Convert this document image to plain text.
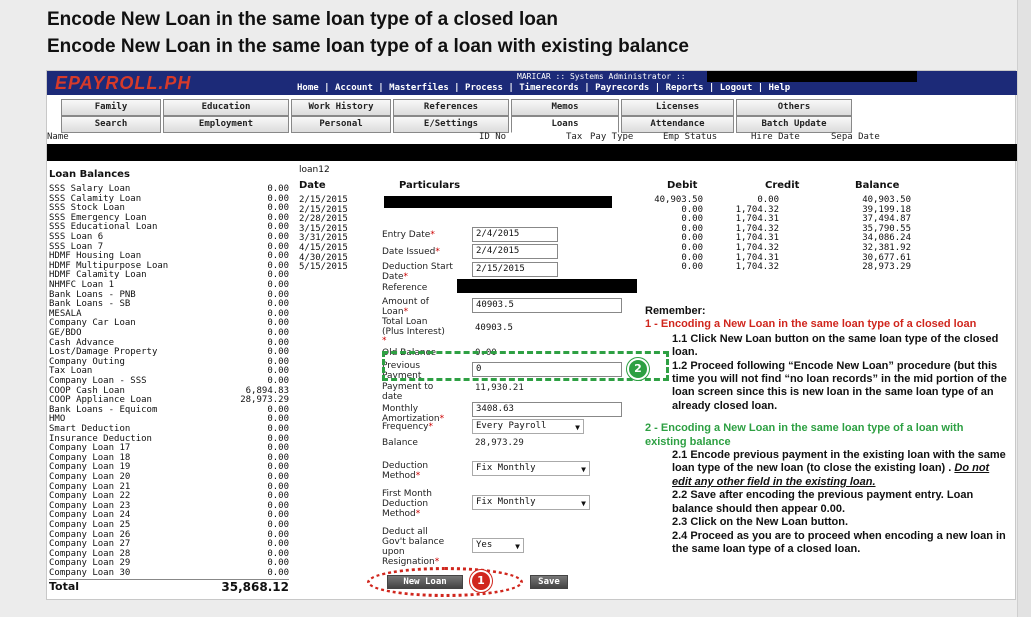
Encode New Loan in the same loan type of a closed loan
Encode New Loan in the same loan type of a loan with existing balance
EPAYROLL.PH	MARICAR :: Systems Administrator ::
Home | Account | Masterfiles | Process | Timerecords | Payrecords | Reports | Logout | Help
Family	Education	Work History	References	Memos	Licenses	Others
Search	Employment	Personal	E/Settings	Loans	Attendance	Batch Update
Name	ID No	Tax Pay Type	Emp Status	Hire Date	Sepa Date
Loan Balances
SSS Salary Loan	0.00
SSS Calamity Loan	0.00
SSS Stock Loan	0.00
SSS Emergency Loan	0.00
SSS Educational Loan	0.00
SSS Loan 6	0.00
SSS Loan 7	0.00
HDMF Housing Loan	0.00
HDMF Multipurpose Loan	0.00
HDMF Calamity Loan	0.00
NHMFC Loan 1	0.00
Bank Loans - PNB	0.00
Bank Loans - SB	0.00
MESALA	0.00
Company Car Loan	0.00
GE/BDO	0.00
Cash Advance	0.00
Lost/Damage Property	0.00
Company Outing	0.00
Tax Loan	0.00
Company Loan - SSS	0.00
COOP Cash Loan	6,894.83
COOP Appliance Loan	28,973.29
Bank Loans - Equicom	0.00
HMO	0.00
Smart Deduction	0.00
Insurance Deduction	0.00
Company Loan 17	0.00
Company Loan 18	0.00
Company Loan 19	0.00
Company Loan 20	0.00
Company Loan 21	0.00
Company Loan 22	0.00
Company Loan 23	0.00
Company Loan 24	0.00
Company Loan 25	0.00
Company Loan 26	0.00
Company Loan 27	0.00
Company Loan 28	0.00
Company Loan 29	0.00
Company Loan 30	0.00
Total	35,868.12
loan12
Date	Particulars	Debit	Credit	Balance
2/15/2015	40,903.50	0.00	40,903.50
2/15/2015	0.00	1,704.32	39,199.18
2/28/2015	0.00	1,704.31	37,494.87
3/15/2015	0.00	1,704.32	35,790.55
3/31/2015	0.00	1,704.31	34,086.24
4/15/2015	0.00	1,704.32	32,381.92
4/30/2015	0.00	1,704.31	30,677.61
5/15/2015	0.00	1,704.32	28,973.29
Entry Date*	2/4/2015
Date Issued*	2/4/2015
Deduction Start
Date*
2/15/2015
Reference
Amount of
Loan*
40903.5
Total Loan
(Plus Interest)	40903.5
*
Old Balance	0.00
Previous
Payment
0
Payment to
date
11,930.21
Monthly
Amortization*
3408.63
Frequency*	Every Payroll	▼
Balance	28,973.29
Deduction
Method*
Fix Monthly	▼
First Month
Deduction
Method*
Fix Monthly	▼
Deduct all
Gov't balance
upon
Resignation*
Yes	▼
New Loan	Save
2
1

Remember:

1 - Encoding a New Loan in the same loan type of a closed loan

1.1 Click New Loan button on the same loan type of the closed loan.

1.2 Proceed following “Encode New Loan” procedure (but this time you will not find “no loan records” in the mid portion of the loan screen since this is new loan in the same loan type of an already closed loan.

2 - Encoding a New Loan in the same loan type of a loan with existing balance

2.1 Encode previous payment in the existing loan with the same loan type of the new loan (to close the existing loan) . Do not edit any other field in the existing loan.

2.2 Save after encoding the previous payment entry. Loan balance should then appear 0.00.

2.3 Click on the New Loan button.

2.4 Proceed as you are to proceed when encoding a new loan in the same loan type of a closed loan.
